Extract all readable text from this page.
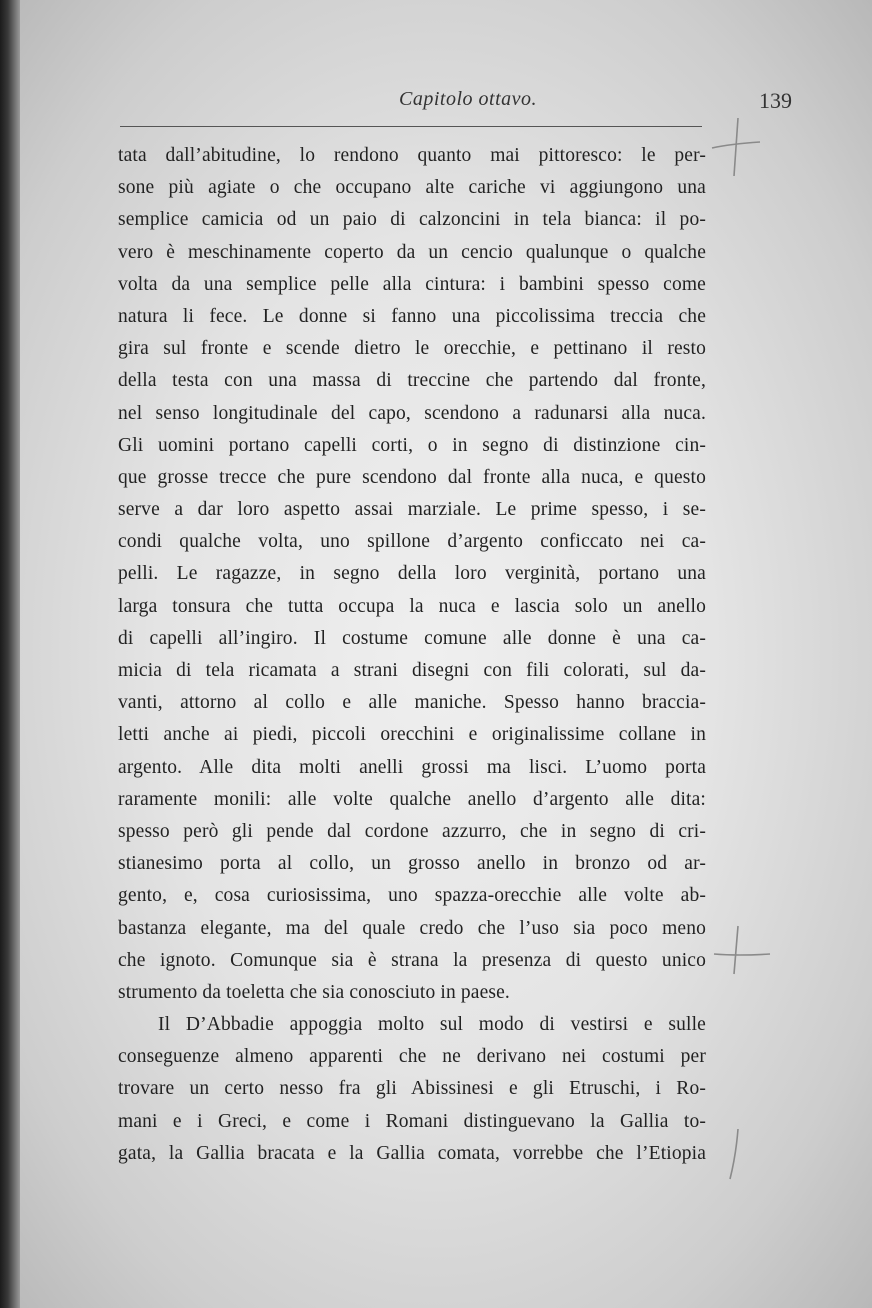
Capitolo ottavo.	139
tata dall’abitudine, lo rendono quanto mai pittoresco: le per-
sone più agiate o che occupano alte cariche vi aggiungono una
semplice camicia od un paio di calzoncini in tela bianca: il po-
vero è meschinamente coperto da un cencio qualunque o qualche
volta da una semplice pelle alla cintura: i bambini spesso come
natura li fece. Le donne si fanno una piccolissima treccia che
gira sul fronte e scende dietro le orecchie, e pettinano il resto
della testa con una massa di treccine che partendo dal fronte,
nel senso longitudinale del capo, scendono a radunarsi alla nuca.
Gli uomini portano capelli corti, o in segno di distinzione cin-
que grosse trecce che pure scendono dal fronte alla nuca, e questo
serve a dar loro aspetto assai marziale. Le prime spesso, i se-
condi qualche volta, uno spillone d’argento conficcato nei ca-
pelli. Le ragazze, in segno della loro verginità, portano una
larga tonsura che tutta occupa la nuca e lascia solo un anello
di capelli all’ingiro. Il costume comune alle donne è una ca-
micia di tela ricamata a strani disegni con fili colorati, sul da-
vanti, attorno al collo e alle maniche. Spesso hanno braccia-
letti anche ai piedi, piccoli orecchini e originalissime collane in
argento. Alle dita molti anelli grossi ma lisci. L’uomo porta
raramente monili: alle volte qualche anello d’argento alle dita:
spesso però gli pende dal cordone azzurro, che in segno di cri-
stianesimo porta al collo, un grosso anello in bronzo od ar-
gento, e, cosa curiosissima, uno spazza-orecchie alle volte ab-
bastanza elegante, ma del quale credo che l’uso sia poco meno
che ignoto. Comunque sia è strana la presenza di questo unico
strumento da toeletta che sia conosciuto in paese.
Il D’Abbadie appoggia molto sul modo di vestirsi e sulle
conseguenze almeno apparenti che ne derivano nei costumi per
trovare un certo nesso fra gli Abissinesi e gli Etruschi, i Ro-
mani e i Greci, e come i Romani distinguevano la Gallia to-
gata, la Gallia bracata e la Gallia comata, vorrebbe che l’Etiopia
